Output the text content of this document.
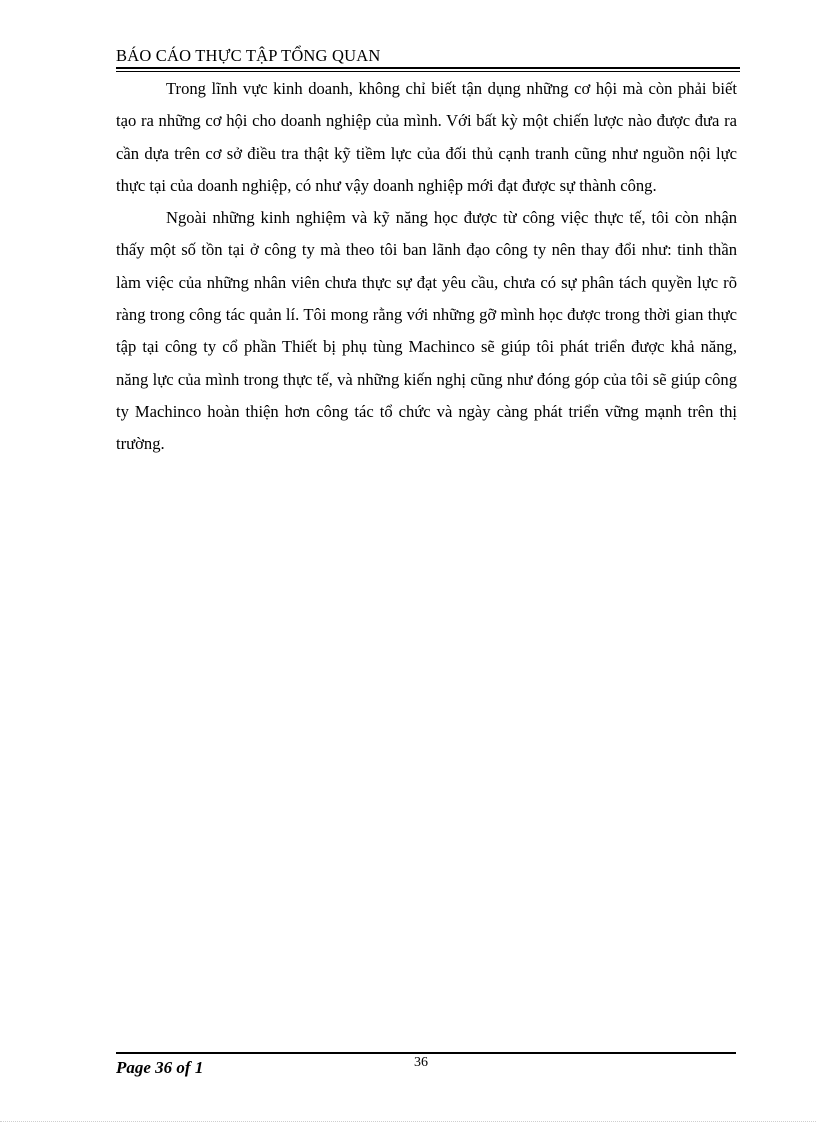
BÁO CÁO THỰC TẬP TỔNG QUAN

Trong lĩnh vực kinh doanh, không chỉ biết tận dụng những cơ hội mà còn phải biết tạo ra những cơ hội cho doanh nghiệp của mình. Với bất kỳ một chiến lược nào được đưa ra cần dựa trên cơ sở điều tra thật kỹ tiềm lực của đối thủ cạnh tranh cũng như nguồn nội lực thực tại của doanh nghiệp, có như vậy doanh nghiệp mới đạt được sự thành công.

Ngoài những kinh nghiệm và kỹ năng học được từ công việc thực tế, tôi còn nhận thấy một số tồn tại ở công ty mà theo tôi ban lãnh đạo công ty nên thay đổi như: tinh thần làm việc của những nhân viên chưa thực sự đạt yêu cầu, chưa có sự phân tách quyền lực rõ ràng trong công tác quản lí. Tôi mong rằng với những gỡ mình học được trong thời gian thực tập tại công ty cổ phần Thiết bị phụ tùng Machinco sẽ giúp tôi phát triển được khả năng, năng lực của mình trong thực tế, và những kiến nghị cũng như đóng góp của tôi sẽ giúp công ty Machinco hoàn thiện hơn công tác tổ chức và ngày càng phát triển vững mạnh trên thị trường.

Page 36 of 1	36
